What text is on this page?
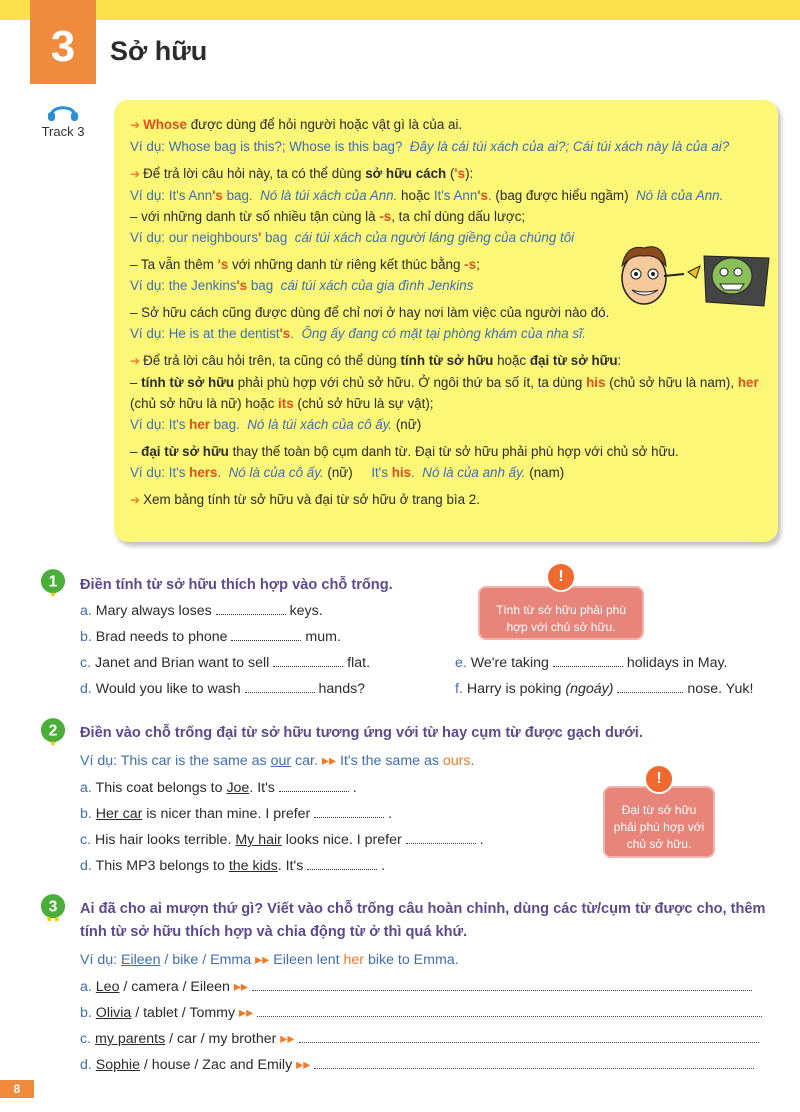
3	Sở hữu
Track 3	➔ Whose được dùng để hỏi người hoặc vật gì là của ai.

Ví dụ: Whose bag is this?; Whose is this bag? Đây là cái túi xách của ai?; Cái túi xách này là của ai?

➔ Để trả lời câu hỏi này, ta có thể dùng sở hữu cách ('s):

Ví dụ: It's Ann's bag. Nó là túi xách của Ann. hoặc It's Ann's. (bag được hiểu ngầm) Nó là của Ann.

– với những danh từ số nhiều tận cùng là -s, ta chỉ dùng dấu lược;

Ví dụ: our neighbours' bag cái túi xách của người láng giềng của chúng tôi

– Ta vẫn thêm 's với những danh từ riêng kết thúc bằng -s;

Ví dụ: the Jenkins's bag cái túi xách của gia đình Jenkins

– Sở hữu cách cũng được dùng để chỉ nơi ở hay nơi làm việc của người nào đó.

Ví dụ: He is at the dentist's. Ông ấy đang có mặt tại phòng khám của nha sĩ.

➔ Để trả lời câu hỏi trên, ta cũng có thể dùng tính từ sở hữu hoặc đại từ sở hữu:

– tính từ sở hữu phải phù hợp với chủ sở hữu. Ở ngôi thứ ba số ít, ta dùng his (chủ sở hữu là nam), her

(chủ sở hữu là nữ) hoặc its (chủ sở hữu là sự vật);

Ví dụ: It's her bag. Nó là túi xách của cô ấy. (nữ)

– đại từ sở hữu thay thế toàn bộ cụm danh từ. Đại từ sở hữu phải phù hợp với chủ sở hữu.

Ví dụ: It's hers. Nó là của cô ấy. (nữ) It's his. Nó là của anh ấy. (nam)

➔ Xem bảng tính từ sở hữu và đại từ sở hữu ở trang bìa 2.

1
★
Điền tính từ sở hữu thích hợp vào chỗ trống.
Tính từ sở hữu phải phù hợp với chủ sở hữu.
!
a. Mary always loses	keys.
b. Brad needs to phone	mum.
c. Janet and Brian want to sell	flat.
d. Would you like to wash	hands?
e. We're taking	holidays in May.
f. Harry is poking (ngoáy)	nose. Yuk!
2
★
Điền vào chỗ trống đại từ sở hữu tương ứng với từ hay cụm từ được gạch dưới.
Ví dụ: This car is the same as our car. ▸▸ It's the same as ours.
Đại từ sở hữu phải phù hợp với chủ sở hữu.
!
a. This coat belongs to Joe. It's	.
b. Her car is nicer than mine. I prefer	.
c. His hair looks terrible. My hair looks nice. I prefer	.
d. This MP3 belongs to the kids. It's	.
3
★★
Ai đã cho ai mượn thứ gì? Viết vào chỗ trống câu hoàn chỉnh, dùng các từ/cụm từ được cho, thêm
tính từ sở hữu thích hợp và chia động từ ở thì quá khứ.
Ví dụ: Eileen / bike / Emma ▸▸ Eileen lent her bike to Emma.
a. Leo / camera / Eileen ▸▸
b. Olivia / tablet / Tommy ▸▸
c. my parents / car / my brother ▸▸
d. Sophie / house / Zac and Emily ▸▸
8
